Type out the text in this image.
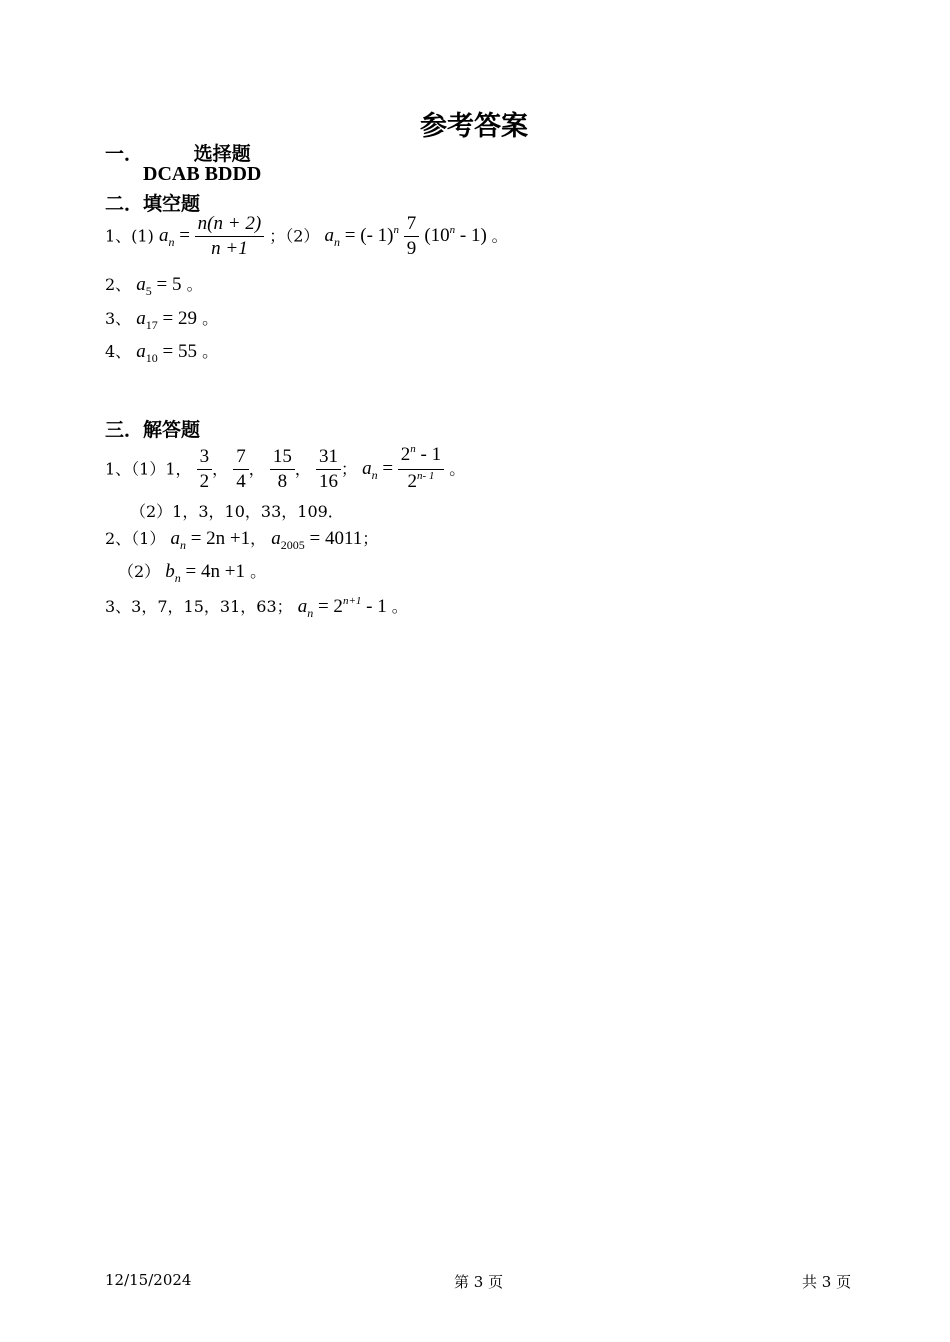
参考答案
一．	选择题
DCAB BDDD
二．填空题
1、(1) $a_n = \frac{n(n + 2)}{n +1}$ ；（2） $a_n$ = (- $1)^n \frac{7}{9} (10^n - 1)$ 。
2、 $a_5 = 5$ 。
3、 $a_{17} = 29$ 。
4、 $a_{10} = 55$ 。
三．解答题
1、（1）1， $\frac{3}{2}$ ， $\frac{7}{4}$ ， $\frac{15}{8}$ ， $\frac{31}{16}$ ； $a_n = \frac{2^n - 1}{2^{n- 1}}$ 。
（2）1，3，10，33，109．
2、（1） $a_n = 2n +1$， $a_{2005} = 4011$；
（2） $b_n = 4n +1$ 。
3、3，7，15，31，63； $a_n = 2^{n+1} - 1$ 。
12/15/2024	第 3 页	共 3 页
